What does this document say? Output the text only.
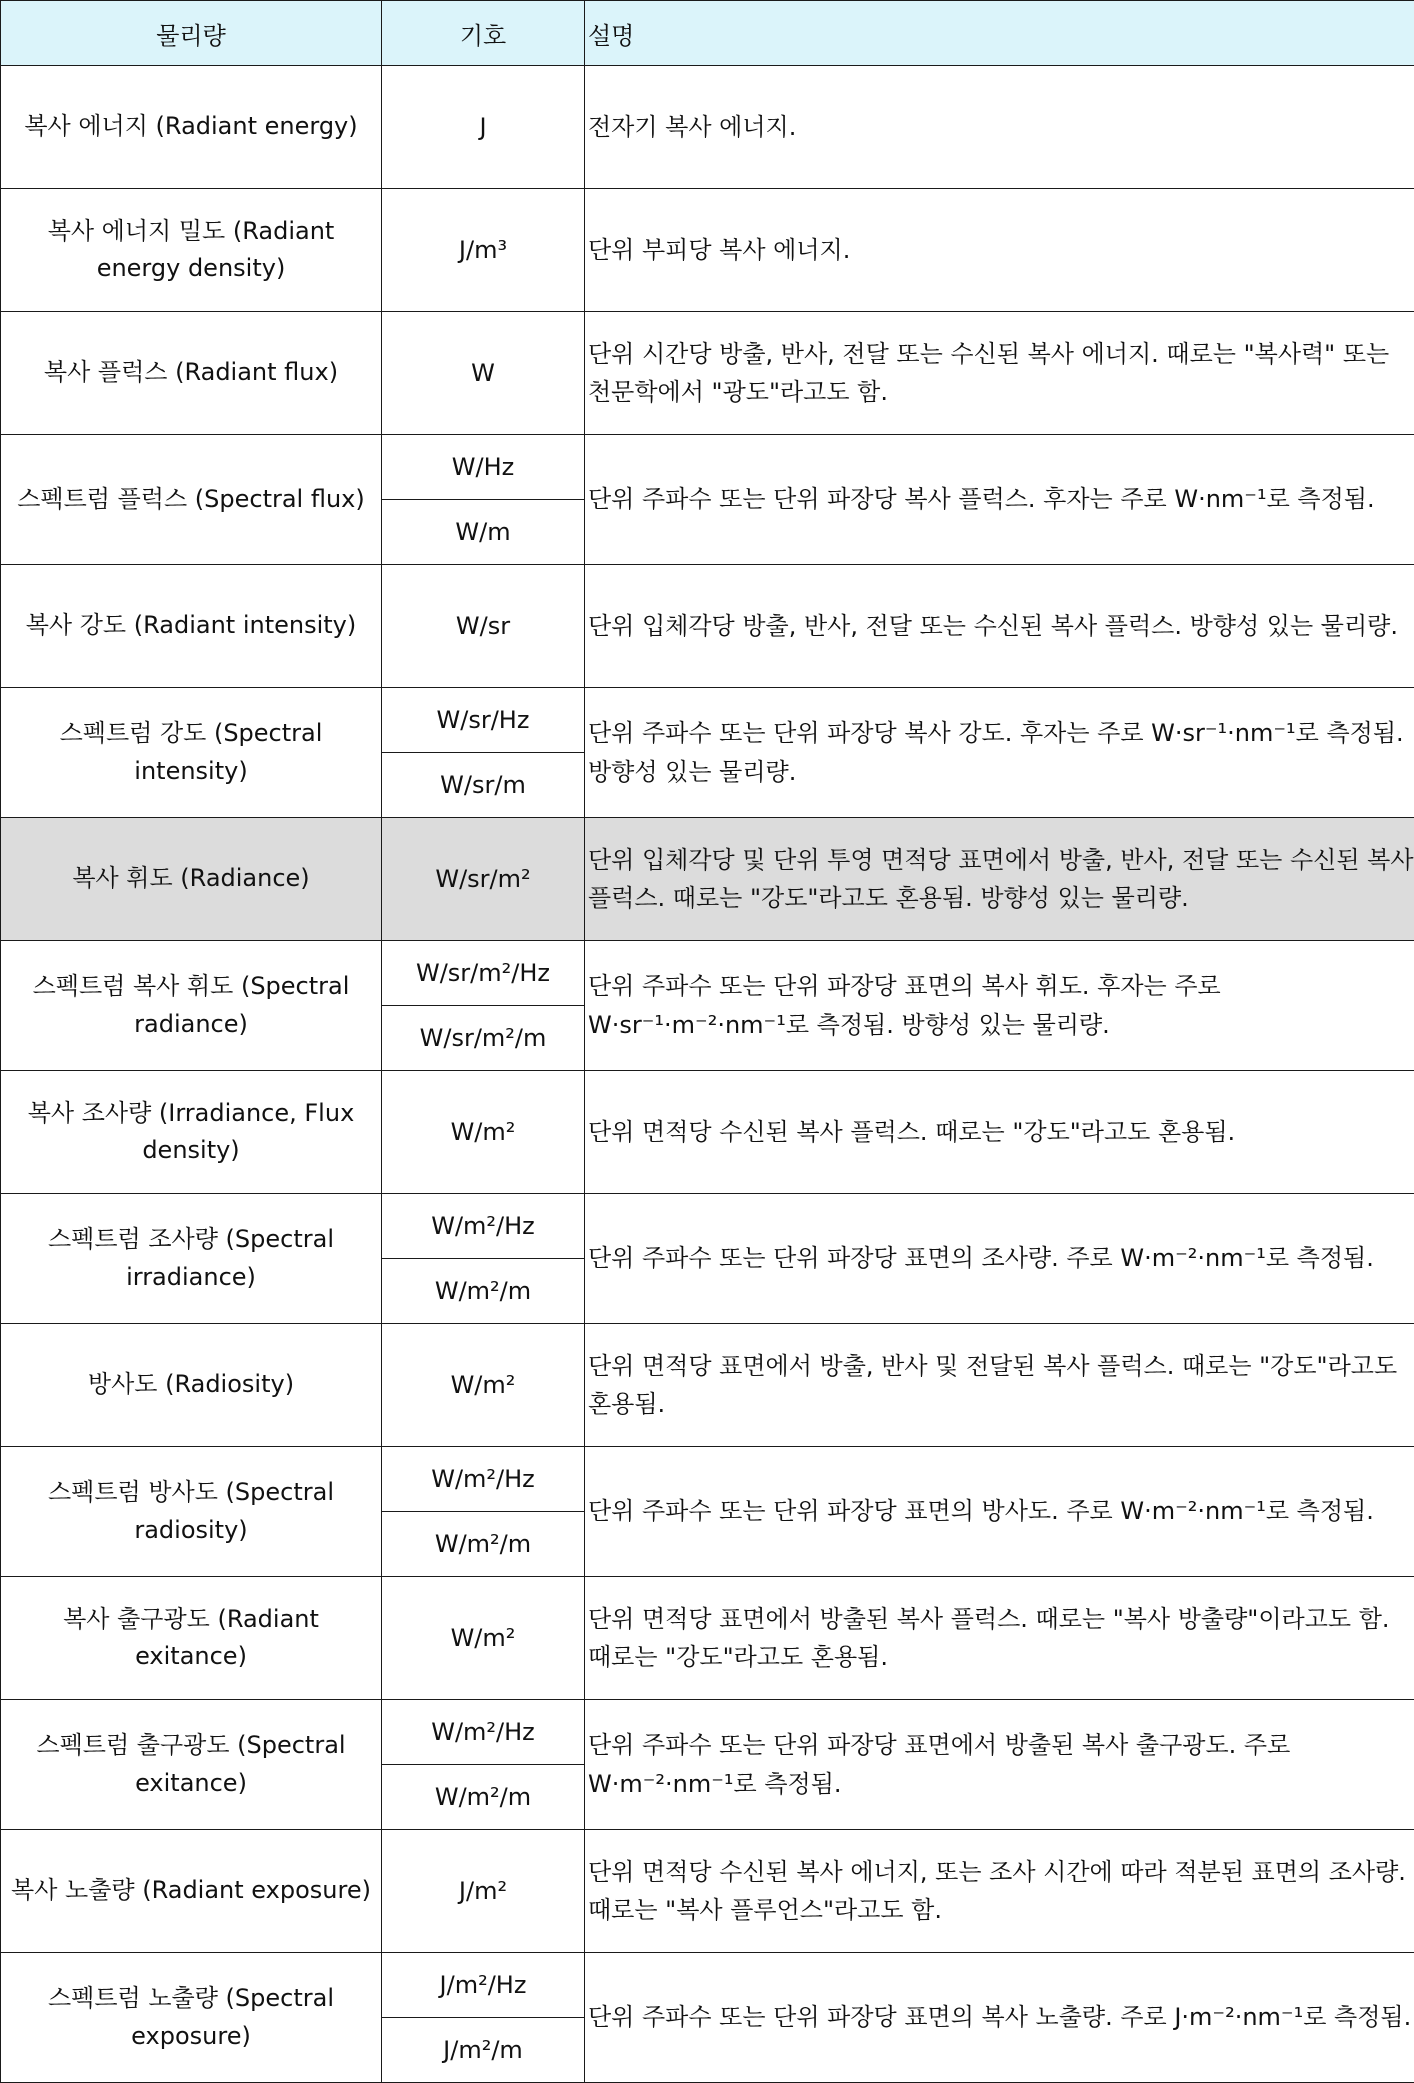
물리량	기호	설명
복사 에너지 (Radiant energy)	J	전자기 복사 에너지.
복사 에너지 밀도 (Radiant energy density)	J/m³	단위 부피당 복사 에너지.
복사 플럭스 (Radiant flux)	W	단위 시간당 방출, 반사, 전달 또는 수신된 복사 에너지. 때로는 "복사력" 또는 천문학에서 "광도"라고도 함.
스펙트럼 플럭스 (Spectral flux)	W/Hz	단위 주파수 또는 단위 파장당 복사 플럭스. 후자는 주로 W·nm⁻¹로 측정됨.
	W/m	
복사 강도 (Radiant intensity)	W/sr	단위 입체각당 방출, 반사, 전달 또는 수신된 복사 플럭스. 방향성 있는 물리량.
스펙트럼 강도 (Spectral intensity)	W/sr/Hz	단위 주파수 또는 단위 파장당 복사 강도. 후자는 주로 W·sr⁻¹·nm⁻¹로 측정됨. 방향성 있는 물리량.
	W/sr/m	
복사 휘도 (Radiance)	W/sr/m²	단위 입체각당 및 단위 투영 면적당 표면에서 방출, 반사, 전달 또는 수신된 복사 플럭스. 때로는 "강도"라고도 혼용됨. 방향성 있는 물리량.
스펙트럼 복사 휘도 (Spectral radiance)	W/sr/m²/Hz	단위 주파수 또는 단위 파장당 표면의 복사 휘도. 후자는 주로 W·sr⁻¹·m⁻²·nm⁻¹로 측정됨. 방향성 있는 물리량.
	W/sr/m²/m	
복사 조사량 (Irradiance, Flux density)	W/m²	단위 면적당 수신된 복사 플럭스. 때로는 "강도"라고도 혼용됨.
스펙트럼 조사량 (Spectral irradiance)	W/m²/Hz	단위 주파수 또는 단위 파장당 표면의 조사량. 주로 W·m⁻²·nm⁻¹로 측정됨.
	W/m²/m	
방사도 (Radiosity)	W/m²	단위 면적당 표면에서 방출, 반사 및 전달된 복사 플럭스. 때로는 "강도"라고도 혼용됨.
스펙트럼 방사도 (Spectral radiosity)	W/m²/Hz	단위 주파수 또는 단위 파장당 표면의 방사도. 주로 W·m⁻²·nm⁻¹로 측정됨.
	W/m²/m	
복사 출구광도 (Radiant exitance)	W/m²	단위 면적당 표면에서 방출된 복사 플럭스. 때로는 "복사 방출량"이라고도 함. 때로는 "강도"라고도 혼용됨.
스펙트럼 출구광도 (Spectral exitance)	W/m²/Hz	단위 주파수 또는 단위 파장당 표면에서 방출된 복사 출구광도. 주로 W·m⁻²·nm⁻¹로 측정됨.
	W/m²/m	
복사 노출량 (Radiant exposure)	J/m²	단위 면적당 수신된 복사 에너지, 또는 조사 시간에 따라 적분된 표면의 조사량. 때로는 "복사 플루언스"라고도 함.
스펙트럼 노출량 (Spectral exposure)	J/m²/Hz	단위 주파수 또는 단위 파장당 표면의 복사 노출량. 주로 J·m⁻²·nm⁻¹로 측정됨.
	J/m²/m	
